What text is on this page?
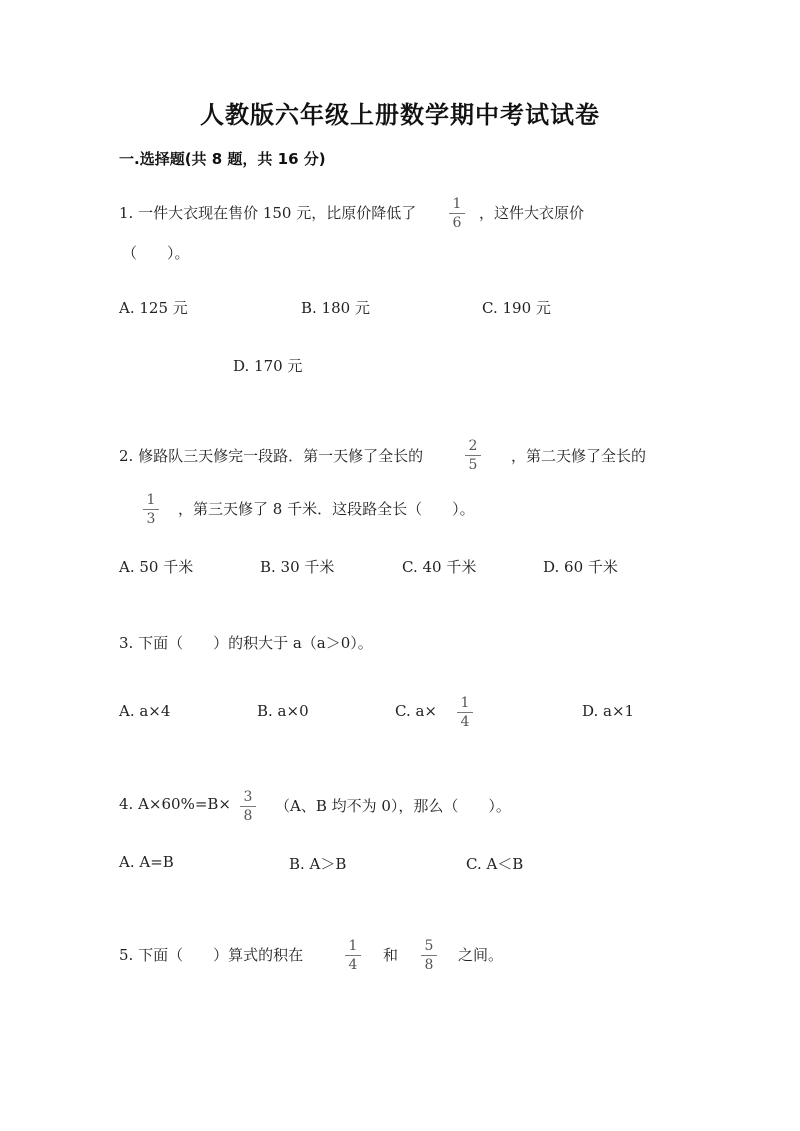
人教版六年级上册数学期中考试试卷
一.选择题(共 8 题，共 16 分)
1. 一件大衣现在售价 150 元，比原价降低了	1
6
，这件大衣原价
（　　）。
A. 125 元	B. 180 元	C. 190 元
D. 170 元
2. 修路队三天修完一段路．第一天修了全长的
2
5	，第二天修了全长的
1
3
，第三天修了 8 千米．这段路全长（　　）。
A. 50 千米	B. 30 千米	C. 40 千米	D. 60 千米
3. 下面（　　）的积大于 a（a＞0）。
A. a×4	B. a×0	C. a×	1
4
D. a×1
4. A×60%=B× 3
8
（A、B 均不为 0），那么（　　）。
A. A=B	B. A＞B	C. A＜B
5. 下面（　　）算式的积在	1
4
和	5
8
之间。
